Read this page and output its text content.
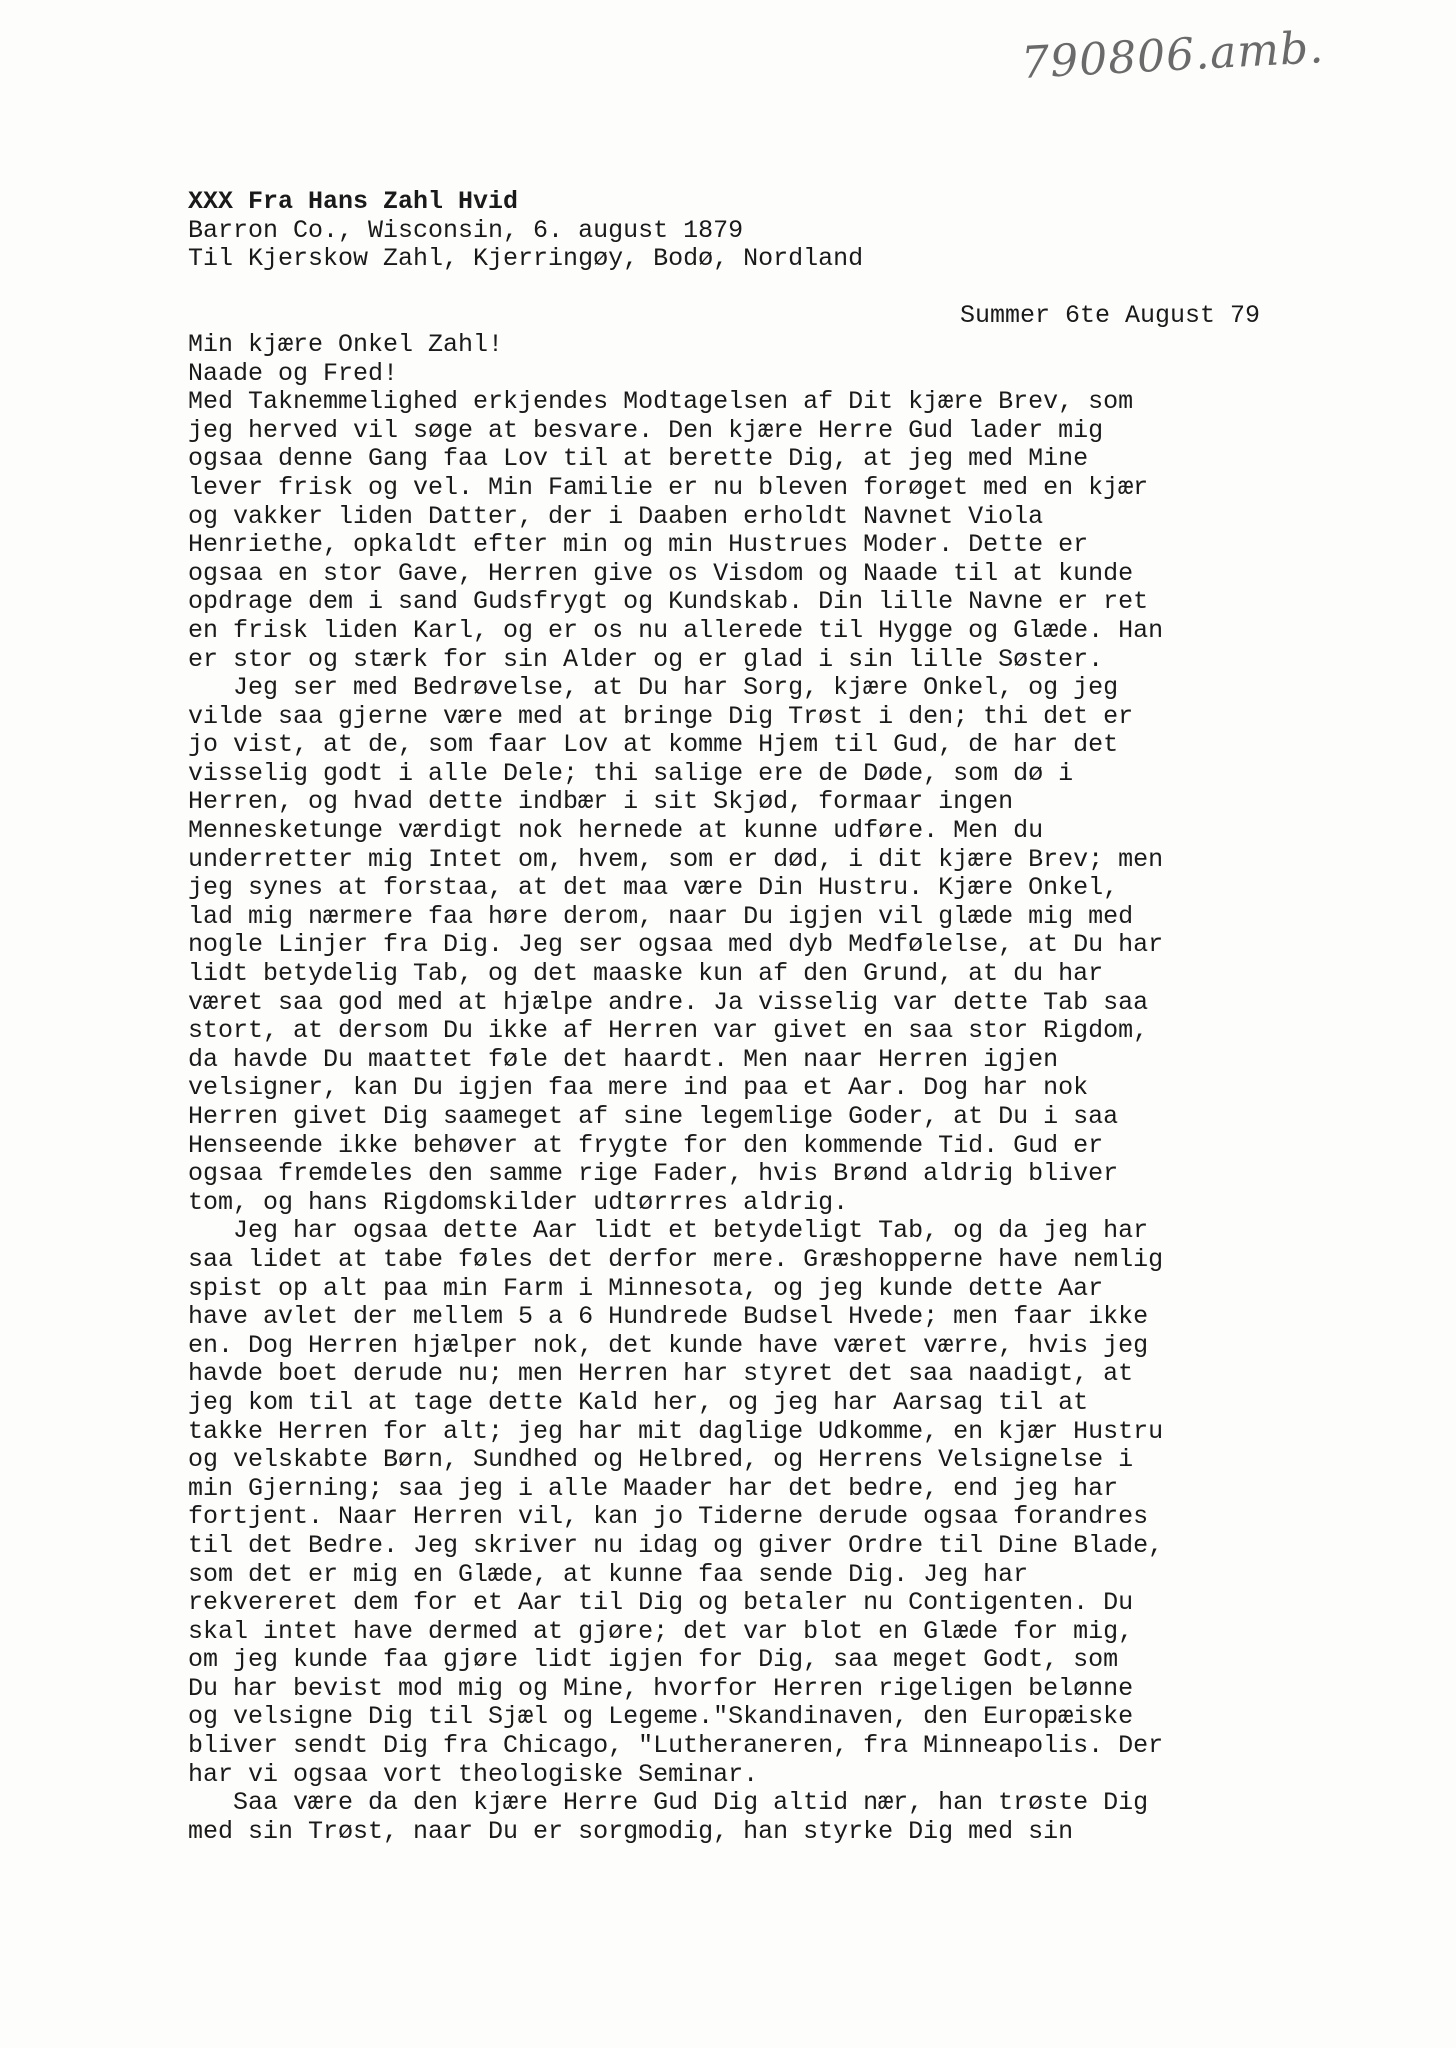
790806.amb.
XXX Fra Hans Zahl Hvid
Barron Co., Wisconsin, 6. august 1879
Til Kjerskow Zahl, Kjerringøy, Bodø, Nordland
Summer 6te August 79
Min kjære Onkel Zahl!
Naade og Fred!
Med Taknemmelighed erkjendes Modtagelsen af Dit kjære Brev, som
jeg herved vil søge at besvare. Den kjære Herre Gud lader mig
ogsaa denne Gang faa Lov til at berette Dig, at jeg med Mine
lever frisk og vel. Min Familie er nu bleven forøget med en kjær
og vakker liden Datter, der i Daaben erholdt Navnet Viola
Henriethe, opkaldt efter min og min Hustrues Moder. Dette er
ogsaa en stor Gave, Herren give os Visdom og Naade til at kunde
opdrage dem i sand Gudsfrygt og Kundskab. Din lille Navne er ret
en frisk liden Karl, og er os nu allerede til Hygge og Glæde. Han
er stor og stærk for sin Alder og er glad i sin lille Søster.
Jeg ser med Bedrøvelse, at Du har Sorg, kjære Onkel, og jeg
vilde saa gjerne være med at bringe Dig Trøst i den; thi det er
jo vist, at de, som faar Lov at komme Hjem til Gud, de har det
visselig godt i alle Dele; thi salige ere de Døde, som dø i
Herren, og hvad dette indbær i sit Skjød, formaar ingen
Mennesketunge værdigt nok hernede at kunne udføre. Men du
underretter mig Intet om, hvem, som er død, i dit kjære Brev; men
jeg synes at forstaa, at det maa være Din Hustru. Kjære Onkel,
lad mig nærmere faa høre derom, naar Du igjen vil glæde mig med
nogle Linjer fra Dig. Jeg ser ogsaa med dyb Medfølelse, at Du har
lidt betydelig Tab, og det maaske kun af den Grund, at du har
været saa god med at hjælpe andre. Ja visselig var dette Tab saa
stort, at dersom Du ikke af Herren var givet en saa stor Rigdom,
da havde Du maattet føle det haardt. Men naar Herren igjen
velsigner, kan Du igjen faa mere ind paa et Aar. Dog har nok
Herren givet Dig saameget af sine legemlige Goder, at Du i saa
Henseende ikke behøver at frygte for den kommende Tid. Gud er
ogsaa fremdeles den samme rige Fader, hvis Brønd aldrig bliver
tom, og hans Rigdomskilder udtørrres aldrig.
Jeg har ogsaa dette Aar lidt et betydeligt Tab, og da jeg har
saa lidet at tabe føles det derfor mere. Græshopperne have nemlig
spist op alt paa min Farm i Minnesota, og jeg kunde dette Aar
have avlet der mellem 5 a 6 Hundrede Budsel Hvede; men faar ikke
en. Dog Herren hjælper nok, det kunde have været værre, hvis jeg
havde boet derude nu; men Herren har styret det saa naadigt, at
jeg kom til at tage dette Kald her, og jeg har Aarsag til at
takke Herren for alt; jeg har mit daglige Udkomme, en kjær Hustru
og velskabte Børn, Sundhed og Helbred, og Herrens Velsignelse i
min Gjerning; saa jeg i alle Maader har det bedre, end jeg har
fortjent. Naar Herren vil, kan jo Tiderne derude ogsaa forandres
til det Bedre. Jeg skriver nu idag og giver Ordre til Dine Blade,
som det er mig en Glæde, at kunne faa sende Dig. Jeg har
rekvereret dem for et Aar til Dig og betaler nu Contigenten. Du
skal intet have dermed at gjøre; det var blot en Glæde for mig,
om jeg kunde faa gjøre lidt igjen for Dig, saa meget Godt, som
Du har bevist mod mig og Mine, hvorfor Herren rigeligen belønne
og velsigne Dig til Sjæl og Legeme."Skandinaven, den Europæiske
bliver sendt Dig fra Chicago, "Lutheraneren, fra Minneapolis. Der
har vi ogsaa vort theologiske Seminar.
Saa være da den kjære Herre Gud Dig altid nær, han trøste Dig
med sin Trøst, naar Du er sorgmodig, han styrke Dig med sin
